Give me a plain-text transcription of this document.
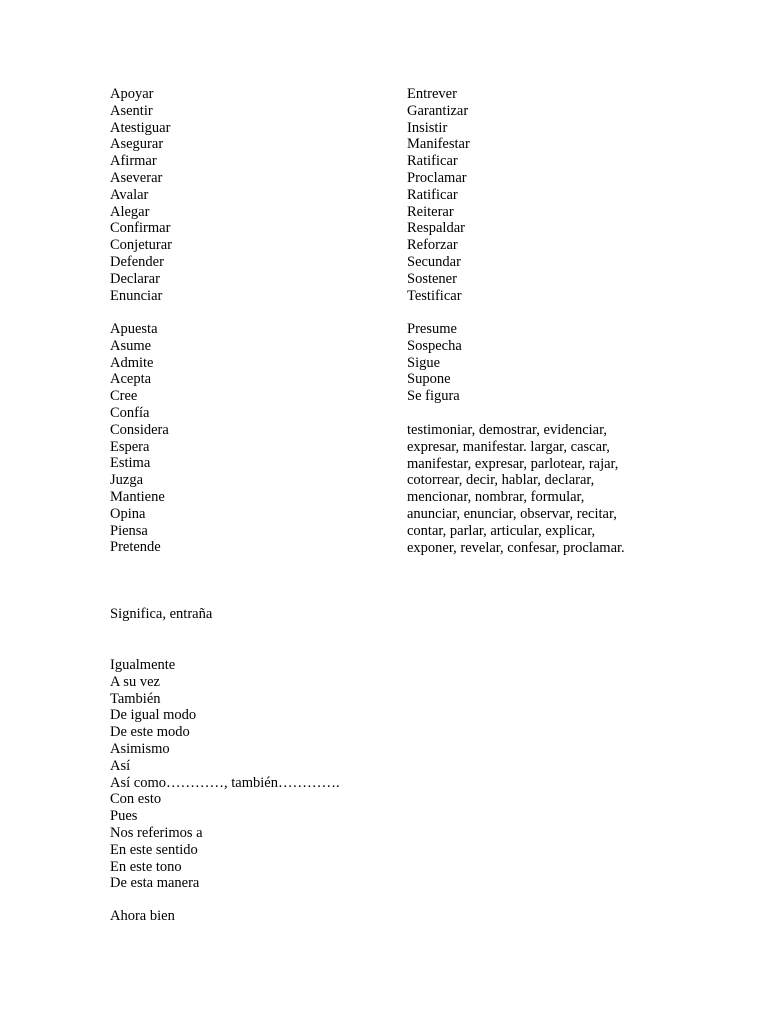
Apoyar
Asentir
Atestiguar
Asegurar
Afirmar
Aseverar
Avalar
Alegar
Confirmar
Conjeturar
Defender
Declarar
Enunciar
Entrever
Garantizar
Insistir
Manifestar
Ratificar
Proclamar
Ratificar
Reiterar
Respaldar
Reforzar
Secundar
Sostener
Testificar
Apuesta
Asume
Admite
Acepta
Cree
Confía
Considera
Espera
Estima
Juzga
Mantiene
Opina
Piensa
Pretende
Presume
Sospecha
Sigue
Supone
Se figura
testimoniar, demostrar, evidenciar,
expresar, manifestar. largar, cascar,
manifestar, expresar, parlotear, rajar,
cotorrear, decir, hablar, declarar,
mencionar, nombrar, formular,
anunciar, enunciar, observar, recitar,
contar, parlar, articular, explicar,
exponer, revelar, confesar, proclamar.
Significa, entraña
Igualmente
A su vez
También
De igual modo
De este modo
Asimismo
Así
Así como…………, también………….
Con esto
Pues
Nos referimos a
En este sentido
En este tono
De esta manera
Ahora bien
